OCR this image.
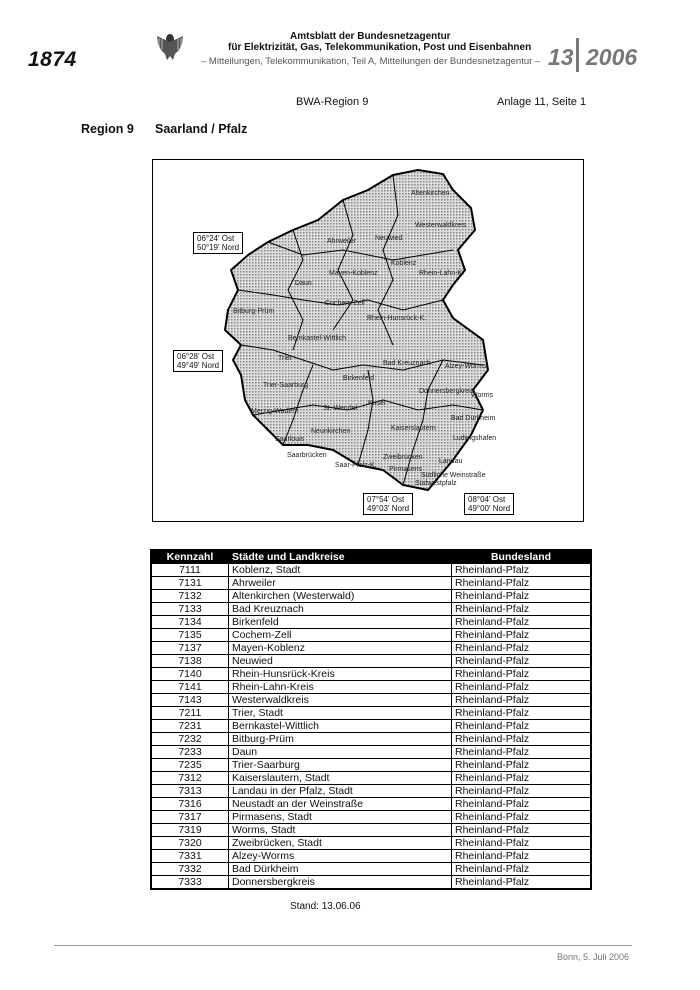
1874
Amtsblatt der Bundesnetzagentur
für Elektrizität, Gas, Telekommunikation, Post und Eisenbahnen
– Mitteilungen, Telekommunikation, Teil A, Mitteilungen der Bundesnetzagentur – 13 2006
BWA-Region 9	Anlage 11, Seite 1
Region 9 Saarland / Pfalz
06°24' Ost
50°19' Nord
06°28' Ost
49°49' Nord
07°54' Ost
49°03' Nord
08°04' Ost
49°00' Nord
Altenkirchen
Westerwaldkreis
Neuwied
Ahrweiler
Koblenz
Mayen-Koblenz	Rhein-Lahn-K.
Daun
Cochem-Zell
Bitburg-Prüm
Rhein-Hunsrück-K.
Bernkastel-Wittlich
Bad Kreuznach
Trier
Birkenfeld
Alzey-Worms
Trier-Saarburg
Donnersbergkreis
Worms
Merzig-Wadern	St. Wendel
Kusel
Kaiserslautern
Bad Dürkheim
Neunkirchen
Saarlouis	Ludwigshafen
Saarbrücken
Saar-Pfalz-K.
Zweibrücken
Pirmasens
Südwestpfalz
Landau
Südliche Weinstraße
Kennzahl	Städte und Landkreise	Bundesland
7111	Koblenz, Stadt	Rheinland-Pfalz
7131	Ahrweiler	Rheinland-Pfalz
7132	Altenkirchen (Westerwald)	Rheinland-Pfalz
7133	Bad Kreuznach	Rheinland-Pfalz
7134	Birkenfeld	Rheinland-Pfalz
7135	Cochem-Zell	Rheinland-Pfalz
7137	Mayen-Koblenz	Rheinland-Pfalz
7138	Neuwied	Rheinland-Pfalz
7140	Rhein-Hunsrück-Kreis	Rheinland-Pfalz
7141	Rhein-Lahn-Kreis	Rheinland-Pfalz
7143	Westerwaldkreis	Rheinland-Pfalz
7211	Trier, Stadt	Rheinland-Pfalz
7231	Bernkastel-Wittlich	Rheinland-Pfalz
7232	Bitburg-Prüm	Rheinland-Pfalz
7233	Daun	Rheinland-Pfalz
7235	Trier-Saarburg	Rheinland-Pfalz
7312	Kaiserslautern, Stadt	Rheinland-Pfalz
7313	Landau in der Pfalz, Stadt	Rheinland-Pfalz
7316	Neustadt an der Weinstraße	Rheinland-Pfalz
7317	Pirmasens, Stadt	Rheinland-Pfalz
7319	Worms, Stadt	Rheinland-Pfalz
7320	Zweibrücken, Stadt	Rheinland-Pfalz
7331	Alzey-Worms	Rheinland-Pfalz
7332	Bad Dürkheim	Rheinland-Pfalz
7333	Donnersbergkreis	Rheinland-Pfalz
Stand: 13.06.06
Bonn, 5. Juli 2006
